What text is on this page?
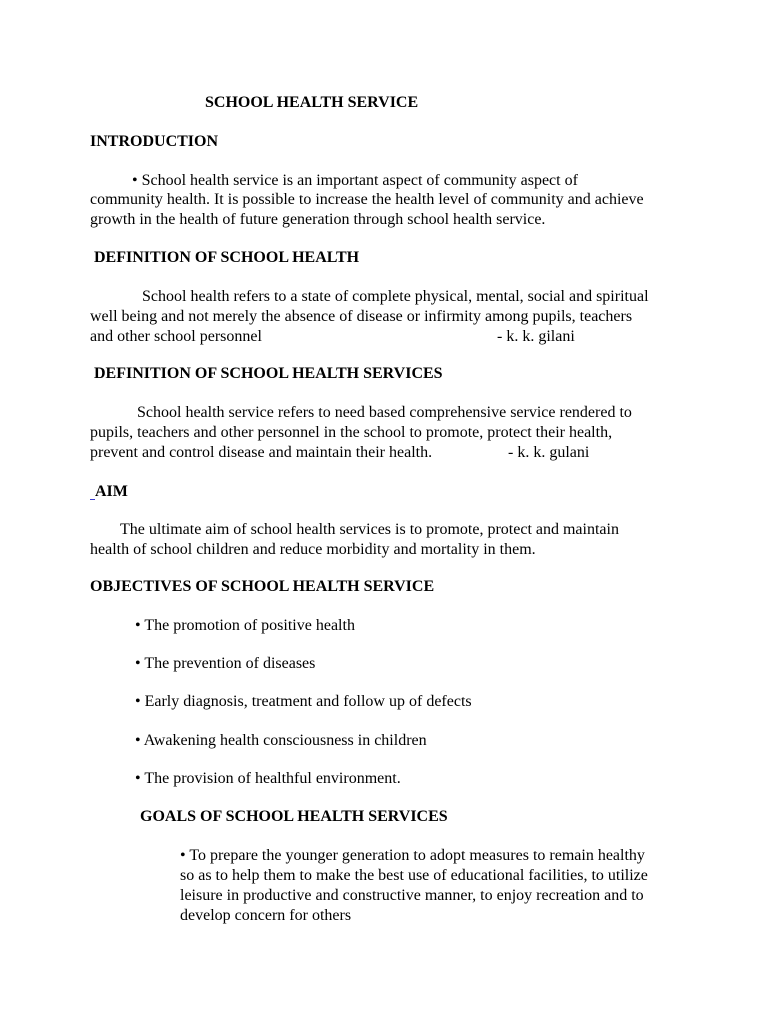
SCHOOL HEALTH SERVICE
INTRODUCTION
• School health service is an important aspect of community aspect of
community health. It is possible to increase the health level of community and achieve
growth in the health of future generation through school health service.
DEFINITION OF SCHOOL HEALTH
School health refers to a state of complete physical, mental, social and spiritual
well being and not merely the absence of disease or infirmity among pupils, teachers
and other school personnel	- k. k. gilani
DEFINITION OF SCHOOL HEALTH SERVICES
School health service refers to need based comprehensive service rendered to
pupils, teachers and other personnel in the school to promote, protect their health,
prevent and control disease and maintain their health.	- k. k. gulani
AIM
The ultimate aim of school health services is to promote, protect and maintain
health of school children and reduce morbidity and mortality in them.
OBJECTIVES OF SCHOOL HEALTH SERVICE
• The promotion of positive health
• The prevention of diseases
• Early diagnosis, treatment and follow up of defects
• Awakening health consciousness in children
• The provision of healthful environment.
GOALS OF SCHOOL HEALTH SERVICES
• To prepare the younger generation to adopt measures to remain healthy
so as to help them to make the best use of educational facilities, to utilize
leisure in productive and constructive manner, to enjoy recreation and to
develop concern for others
